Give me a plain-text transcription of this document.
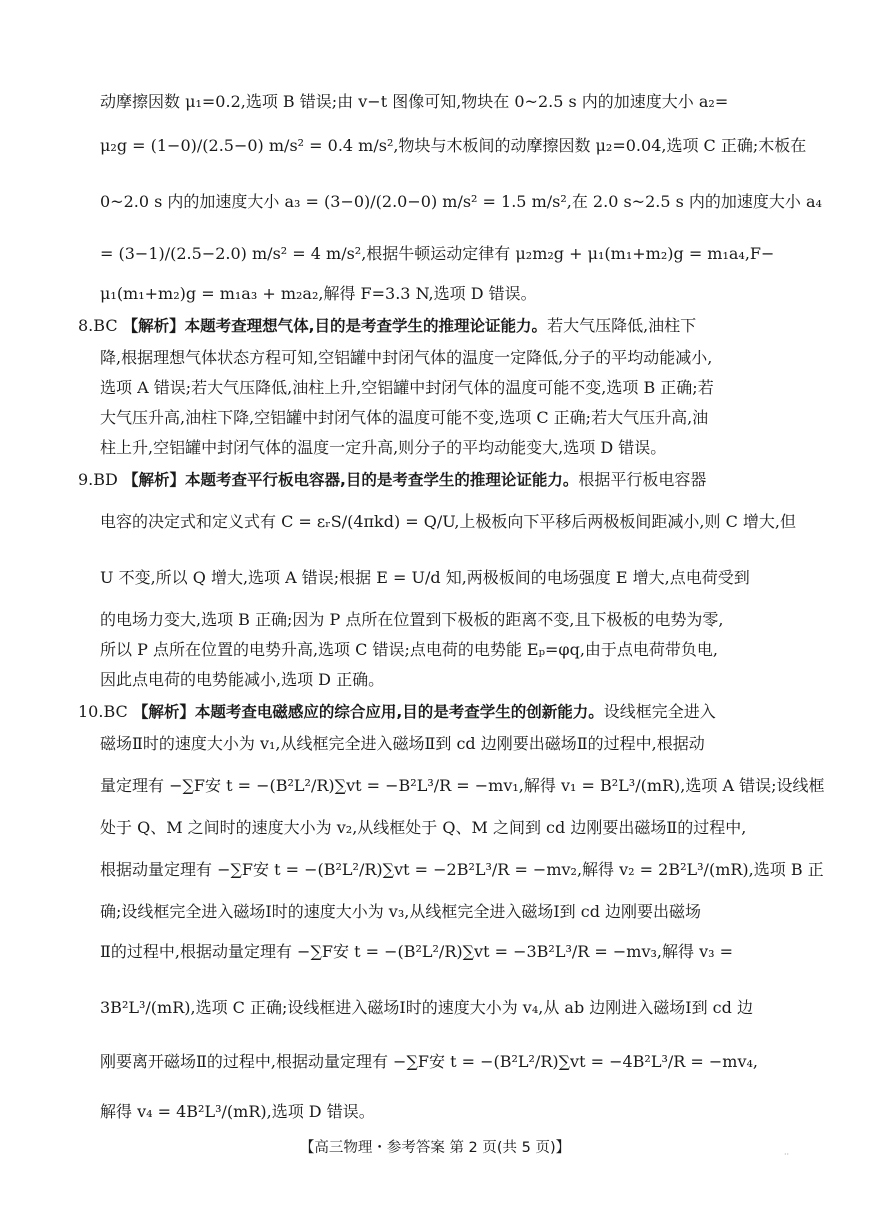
动摩擦因数 μ₁=0.2,选项 B 错误;由 v−t 图像可知,物块在 0~2.5 s 内的加速度大小 a₂=
μ₂g = (1−0)/(2.5−0) m/s² = 0.4 m/s²,物块与木板间的动摩擦因数 μ₂=0.04,选项 C 正确;木板在
0~2.0 s 内的加速度大小 a₃ = (3−0)/(2.0−0) m/s² = 1.5 m/s²,在 2.0 s~2.5 s 内的加速度大小 a₄
= (3−1)/(2.5−2.0) m/s² = 4 m/s²,根据牛顿运动定律有 μ₂m₂g + μ₁(m₁+m₂)g = m₁a₄,F−
μ₁(m₁+m₂)g = m₁a₃ + m₂a₂,解得 F=3.3 N,选项 D 错误。
8.BC 【解析】本题考查理想气体,目的是考查学生的推理论证能力。若大气压降低,油柱下
降,根据理想气体状态方程可知,空铝罐中封闭气体的温度一定降低,分子的平均动能减小,
选项 A 错误;若大气压降低,油柱上升,空铝罐中封闭气体的温度可能不变,选项 B 正确;若
大气压升高,油柱下降,空铝罐中封闭气体的温度可能不变,选项 C 正确;若大气压升高,油
柱上升,空铝罐中封闭气体的温度一定升高,则分子的平均动能变大,选项 D 错误。
9.BD 【解析】本题考查平行板电容器,目的是考查学生的推理论证能力。根据平行板电容器
电容的决定式和定义式有 C = εᵣS/(4πkd) = Q/U,上极板向下平移后两极板间距减小,则 C 增大,但
U 不变,所以 Q 增大,选项 A 错误;根据 E = U/d 知,两极板间的电场强度 E 增大,点电荷受到
的电场力变大,选项 B 正确;因为 P 点所在位置到下极板的距离不变,且下极板的电势为零,
所以 P 点所在位置的电势升高,选项 C 错误;点电荷的电势能 Eₚ=φq,由于点电荷带负电,
因此点电荷的电势能减小,选项 D 正确。
10.BC 【解析】本题考查电磁感应的综合应用,目的是考查学生的创新能力。设线框完全进入
磁场Ⅱ时的速度大小为 v₁,从线框完全进入磁场Ⅱ到 cd 边刚要出磁场Ⅱ的过程中,根据动
量定理有 −∑F安 t = −(B²L²/R)∑vt = −B²L³/R = −mv₁,解得 v₁ = B²L³/(mR),选项 A 错误;设线框
处于 Q、M 之间时的速度大小为 v₂,从线框处于 Q、M 之间到 cd 边刚要出磁场Ⅱ的过程中,
根据动量定理有 −∑F安 t = −(B²L²/R)∑vt = −2B²L³/R = −mv₂,解得 v₂ = 2B²L³/(mR),选项 B 正
确;设线框完全进入磁场Ⅰ时的速度大小为 v₃,从线框完全进入磁场Ⅰ到 cd 边刚要出磁场
Ⅱ的过程中,根据动量定理有 −∑F安 t = −(B²L²/R)∑vt = −3B²L³/R = −mv₃,解得 v₃ =
3B²L³/(mR),选项 C 正确;设线框进入磁场Ⅰ时的速度大小为 v₄,从 ab 边刚进入磁场Ⅰ到 cd 边
刚要离开磁场Ⅱ的过程中,根据动量定理有 −∑F安 t = −(B²L²/R)∑vt = −4B²L³/R = −mv₄,
解得 v₄ = 4B²L³/(mR),选项 D 错误。
【高三物理・参考答案 第 2 页(共 5 页)】	··
